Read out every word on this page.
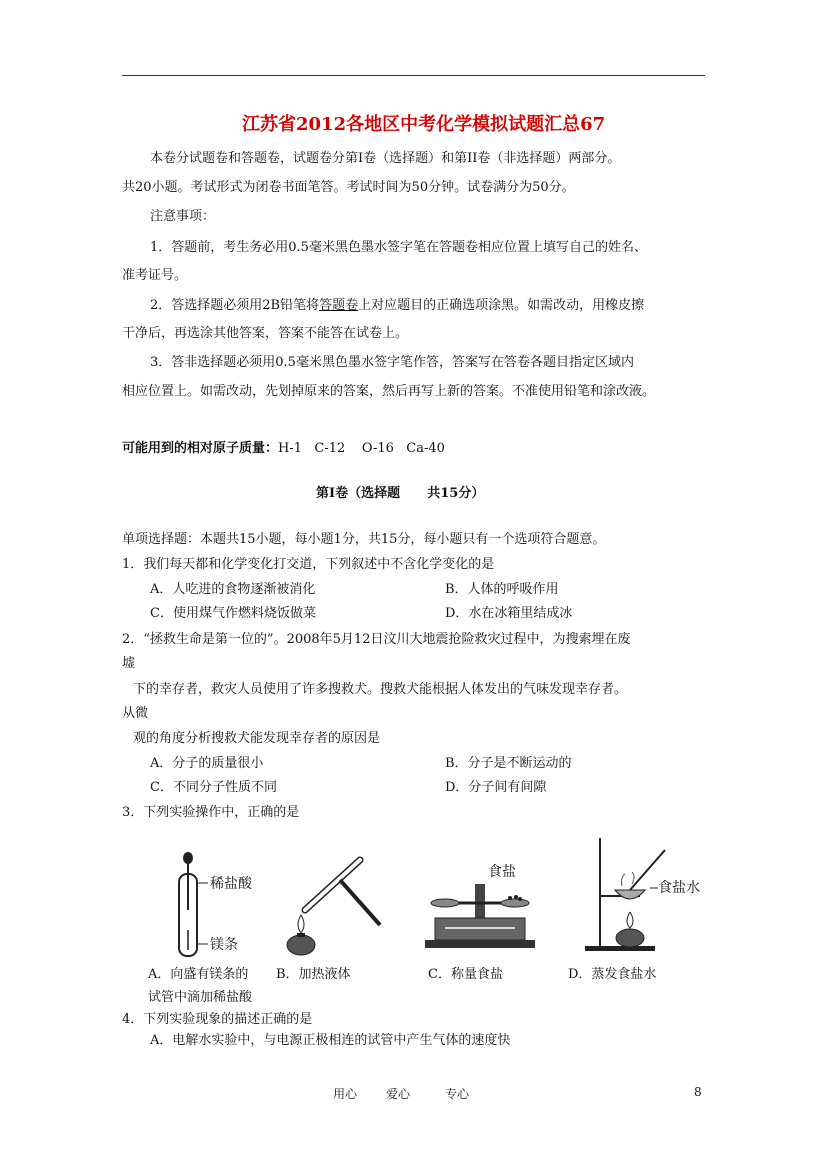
江苏省2012各地区中考化学模拟试题汇总67
本卷分试题卷和答题卷，试题卷分第Ⅰ卷（选择题）和第II卷（非选择题）两部分。
共20小题。考试形式为闭卷书面笔答。考试时间为50分钟。试卷满分为50分。
注意事项：
1．答题前，考生务必用0.5毫米黑色墨水签字笔在答题卷相应位置上填写自己的姓名、
准考证号。
2．答选择题必须用2B铅笔将答题卷上对应题目的正确选项涂黑。如需改动，用橡皮擦
干净后，再选涂其他答案，答案不能答在试卷上。
3．答非选择题必须用0.5毫米黑色墨水签字笔作答，答案写在答卷各题目指定区域内
相应位置上。如需改动，先划掉原来的答案，然后再写上新的答案。不准使用铅笔和涂改液。
可能用到的相对原子质量：H-1   C-12    O-16   Ca-40
第Ⅰ卷（选择题      共15分）
单项选择题：本题共15小题，每小题1分，共15分，每小题只有一个选项符合题意。
1．我们每天都和化学变化打交道，下列叙述中不含化学变化的是
A．人吃进的食物逐渐被消化	B．人体的呼吸作用
C．使用煤气作燃料烧饭做菜	D．水在冰箱里结成冰
2．“拯救生命是第一位的”。2008年5月12日汶川大地震抢险救灾过程中，为搜索埋在废
墟
下的幸存者，救灾人员使用了许多搜救犬。搜救犬能根据人体发出的气味发现幸存者。
从微
观的角度分析搜救犬能发现幸存者的原因是
A．分子的质量很小	B．分子是不断运动的
C．不同分子性质不同	D．分子间有间隙
3．下列实验操作中，正确的是
稀盐酸
镁条
食盐
食盐水
A．向盛有镁条的
试管中滴加稀盐酸
B．加热液体	C．称量食盐	D．蒸发食盐水
4．下列实验现象的描述正确的是
A．电解水实验中，与电源正极相连的试管中产生气体的速度快
用心 爱心	专心	8
